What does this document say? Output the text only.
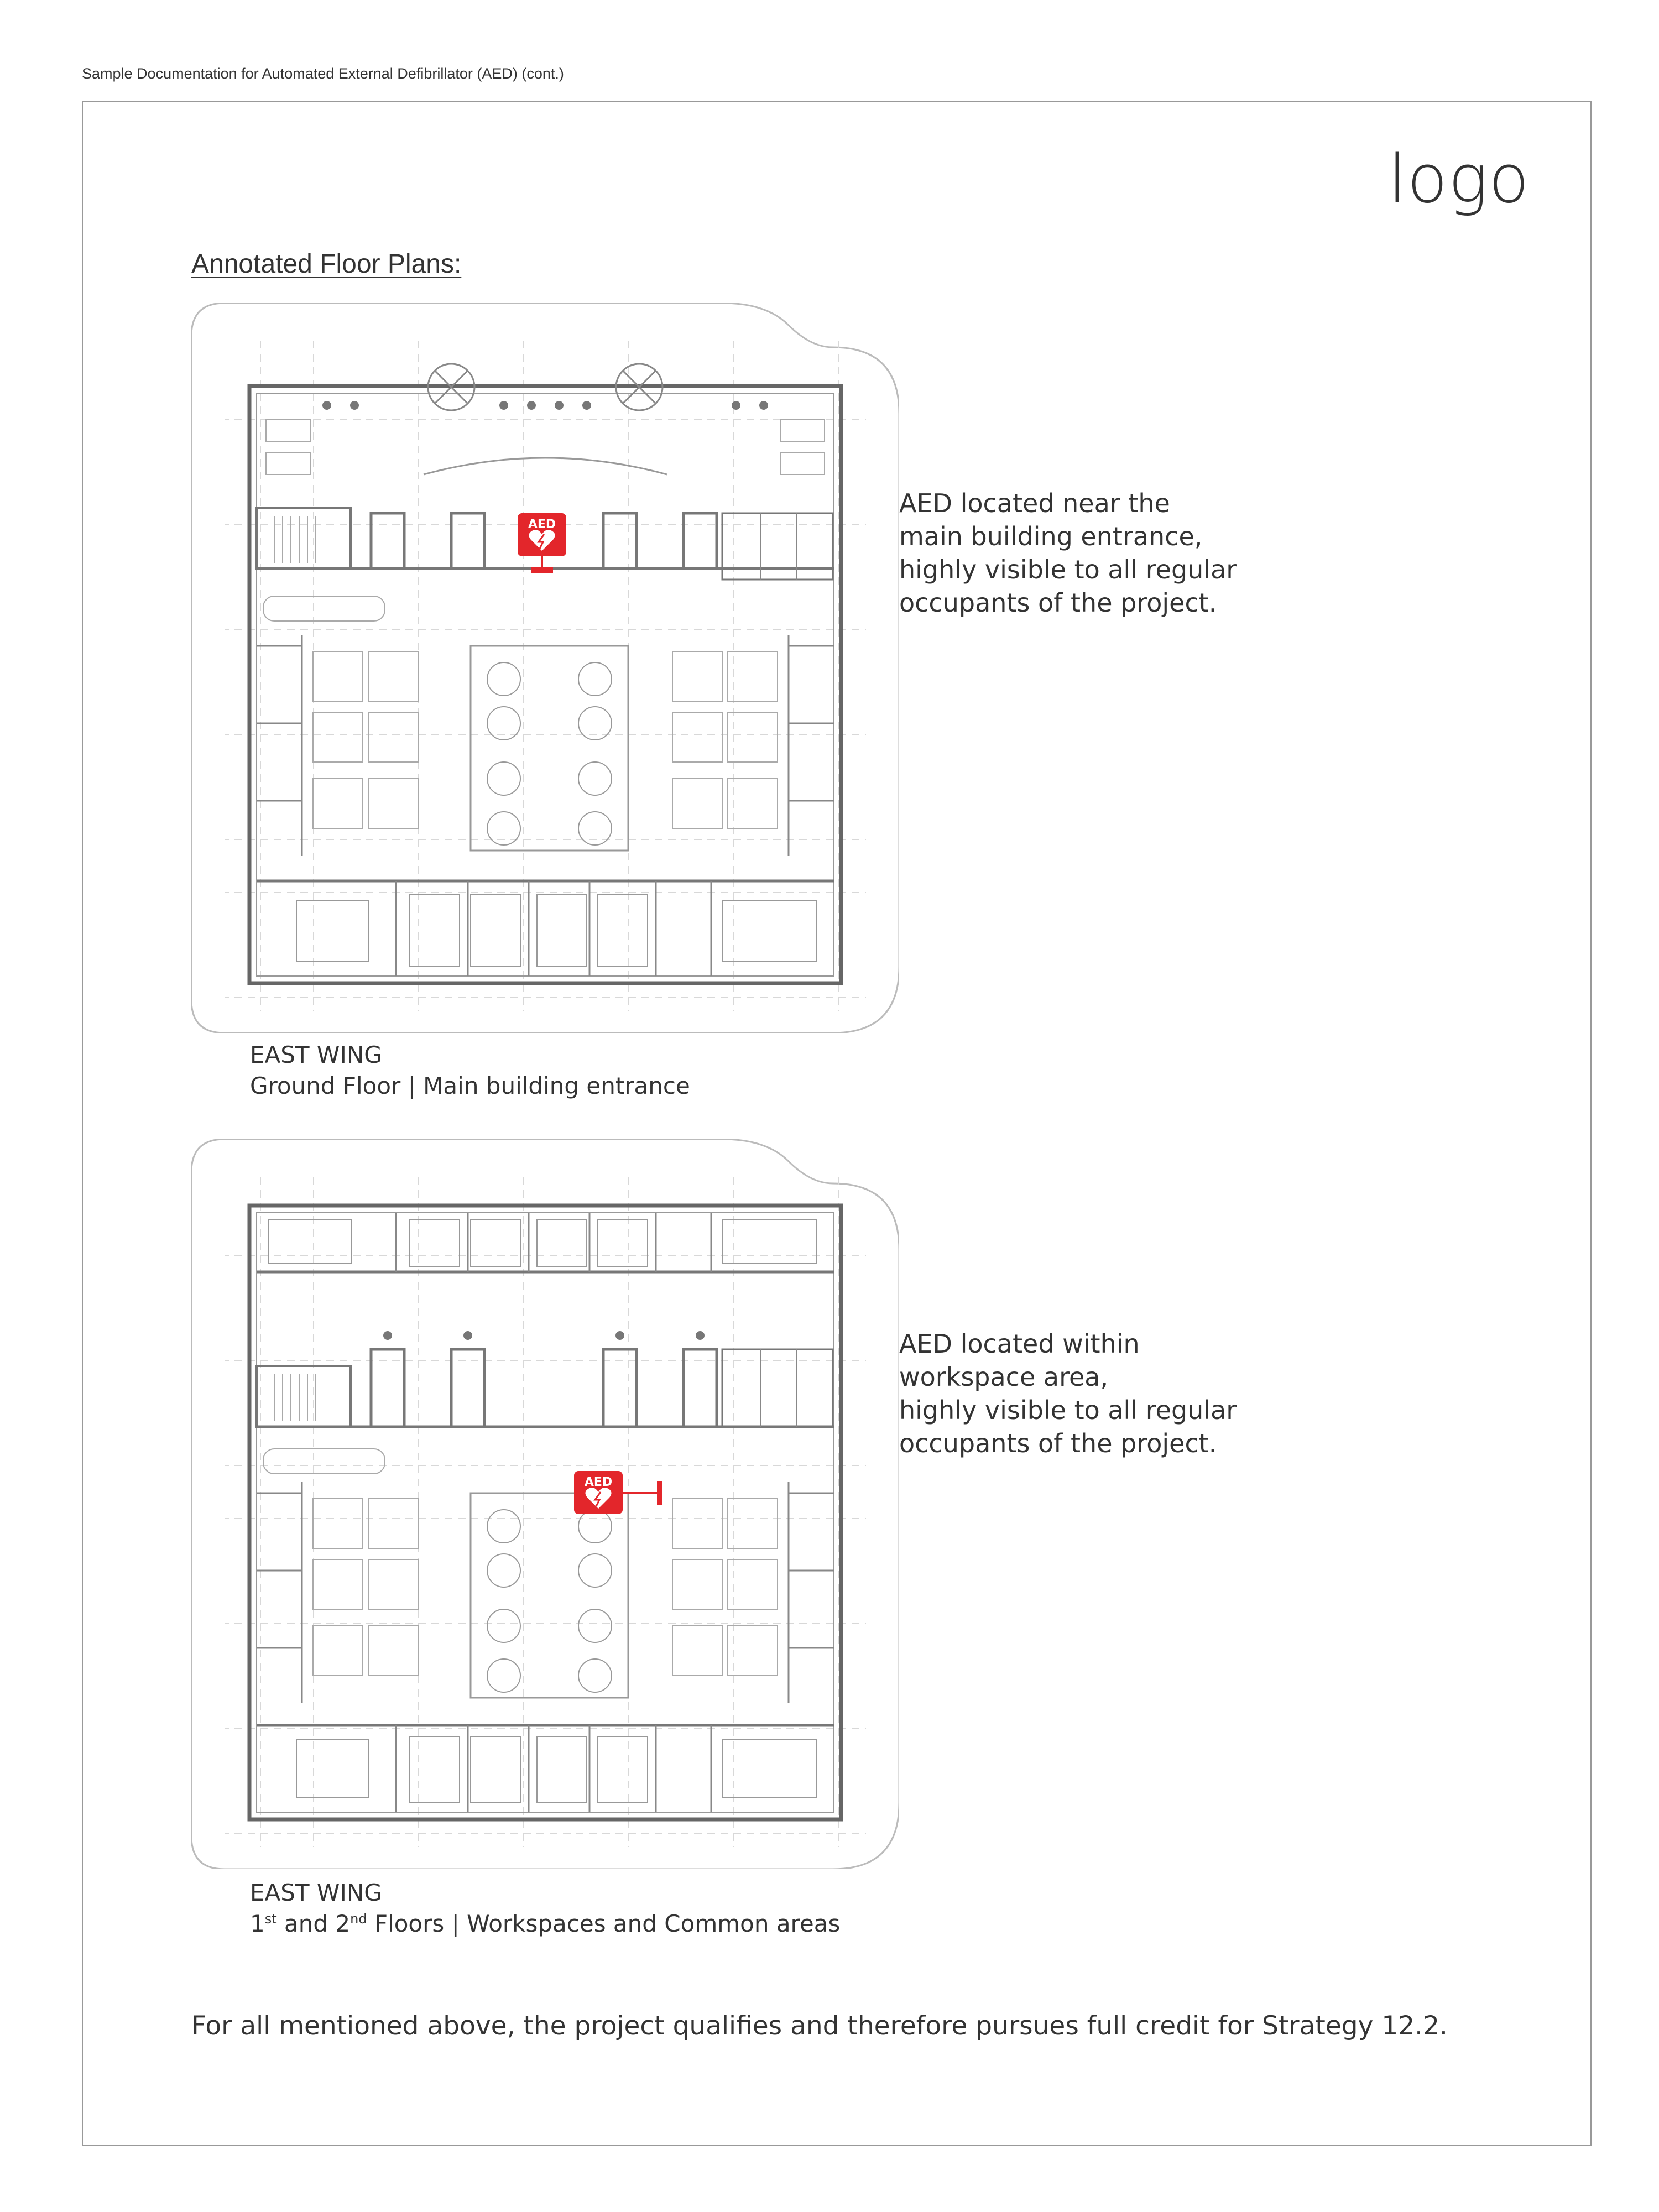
Sample Documentation for Automated External Defibrillator (AED) (cont.)
logo
Annotated Floor Plans:
AED
AED located near the
main building entrance,
highly visible to all regular
occupants of the project.
EAST WING
Ground Floor | Main building entrance
AED
AED located within
workspace area,
highly visible to all regular
occupants of the project.
EAST WING
1st and 2nd Floors | Workspaces and Common areas
For all mentioned above, the project qualifies and therefore pursues full credit for Strategy 12.2.
